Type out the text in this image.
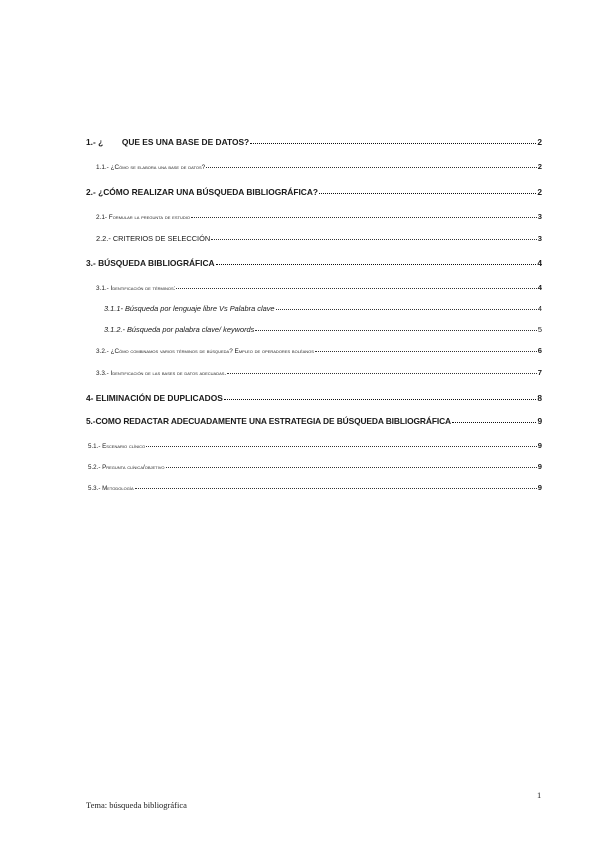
1.- ¿        QUE ES UNA BASE DE DATOS?	2
1.1.- ¿Cómo se elabora una base de datos?	2
2.- ¿CÓMO REALIZAR UNA BÚSQUEDA BIBLIOGRÁFICA?	2
2.1- Formular la pregunta de estudio	3
2.2.- CRITERIOS DE SELECCIÓN	3
3.- BÚSQUEDA BIBLIOGRÁFICA	4
3.1.- Identificación de términos:	4
3.1.1- Búsqueda por lenguaje libre Vs Palabra clave	4
3.1.2.- Búsqueda por palabra clave/ keywords	5
3.2.- ¿Cómo combinamos varios términos de búsqueda? Empleo de operadores boléanos	6
3.3.- Identificación de las bases de datos adecuadas.	7
4- ELIMINACIÓN DE DUPLICADOS	8
5.-COMO REDACTAR ADECUADAMENTE UNA ESTRATEGIA DE BÚSQUEDA BIBLIOGRÁFICA	9
5.1.- Escenario clínico	9
5.2.- Pregunta clínica/objetivo	9
5.3.- Metodología	9
1
Tema: búsqueda bibliográfica
